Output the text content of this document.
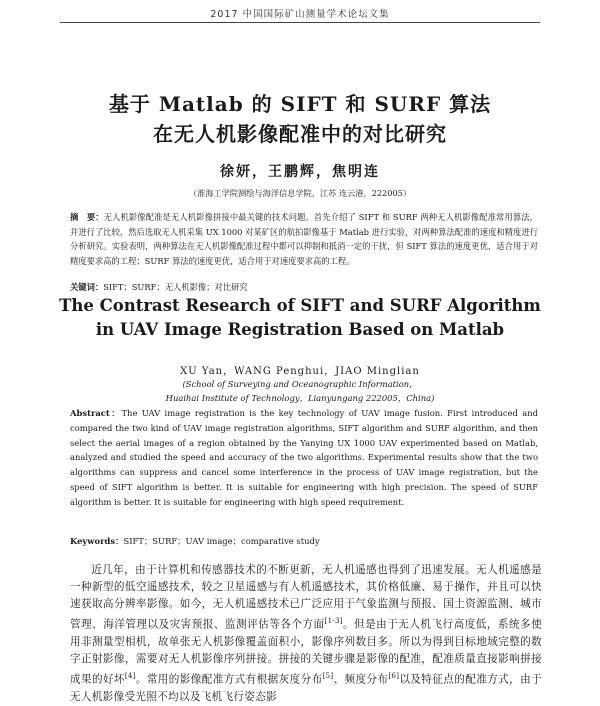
2017 中国国际矿山测量学术论坛文集
基于 Matlab 的 SIFT 和 SURF 算法
在无人机影像配准中的对比研究
徐妍，王鹏辉，焦明连
（淮海工学院测绘与海洋信息学院，江苏 连云港，222005）
摘　要：无人机影像配准是无人机影像拼接中最关键的技术问题。首先介绍了 SIFT 和 SURF 两种无人机影像配准常用算法，并进行了比较，然后选取无人机采集 UX 1000 对某矿区的航拍影像基于 Matlab 进行实验，对两种算法配准的速度和精度进行分析研究。实验表明，两种算法在无人机影像配准过程中都可以抑制和抵消一定的干扰，但 SIFT 算法的速度更优，适合用于对精度要求高的工程；SURF 算法的速度更优，适合用于对速度要求高的工程。
关键词：SIFT；SURF；无人机影像；对比研究
The Contrast Research of SIFT and SURF Algorithm
in UAV Image Registration Based on Matlab
XU Yan，WANG Penghui，JIAO Minglian
(School of Surveying and Oceanographic Information，
Huaihai Institute of Technology，Lianyungang 222005，China)
Abstract：The UAV image registration is the key technology of UAV image fusion. First introduced and compared the two kind of UAV image registration algorithms, SIFT algorithm and SURF algorithm, and then select the aerial images of a region obtained by the Yanying UX 1000 UAV experimented based on Matlab, analyzed and studied the speed and accuracy of the two algorithms. Experimental results show that the two algorithms can suppress and cancel some interference in the process of UAV image registration, but the speed of SIFT algorithm is better. It is suitable for engineering with high precision. The speed of SURF algorithm is better. It is suitable for engineering with high speed requirement.
Keywords：SIFT；SURF；UAV image；comparative study
近几年，由于计算机和传感器技术的不断更新，无人机遥感也得到了迅速发展。无人机遥感是一种新型的低空遥感技术，较之卫星遥感与有人机遥感技术，其价格低廉、易于操作，并且可以快速获取高分辨率影像。如今，无人机遥感技术已广泛应用于气象监测与预报、国土资源监测、城市管理、海洋管理以及灾害预报、监测评估等各个方面[1-3]。但是由于无人机飞行高度低，系统多使用非测量型相机，故单张无人机影像覆盖面积小，影像序列数目多。所以为得到目标地域完整的数字正射影像，需要对无人机影像序列拼接。拼接的关键步骤是影像的配准，配准质量直接影响拼接成果的好坏[4]。常用的影像配准方式有根据灰度分布[5]、频度分布[6]以及特征点的配准方式，由于无人机影像受光照不均以及飞机飞行姿态影
